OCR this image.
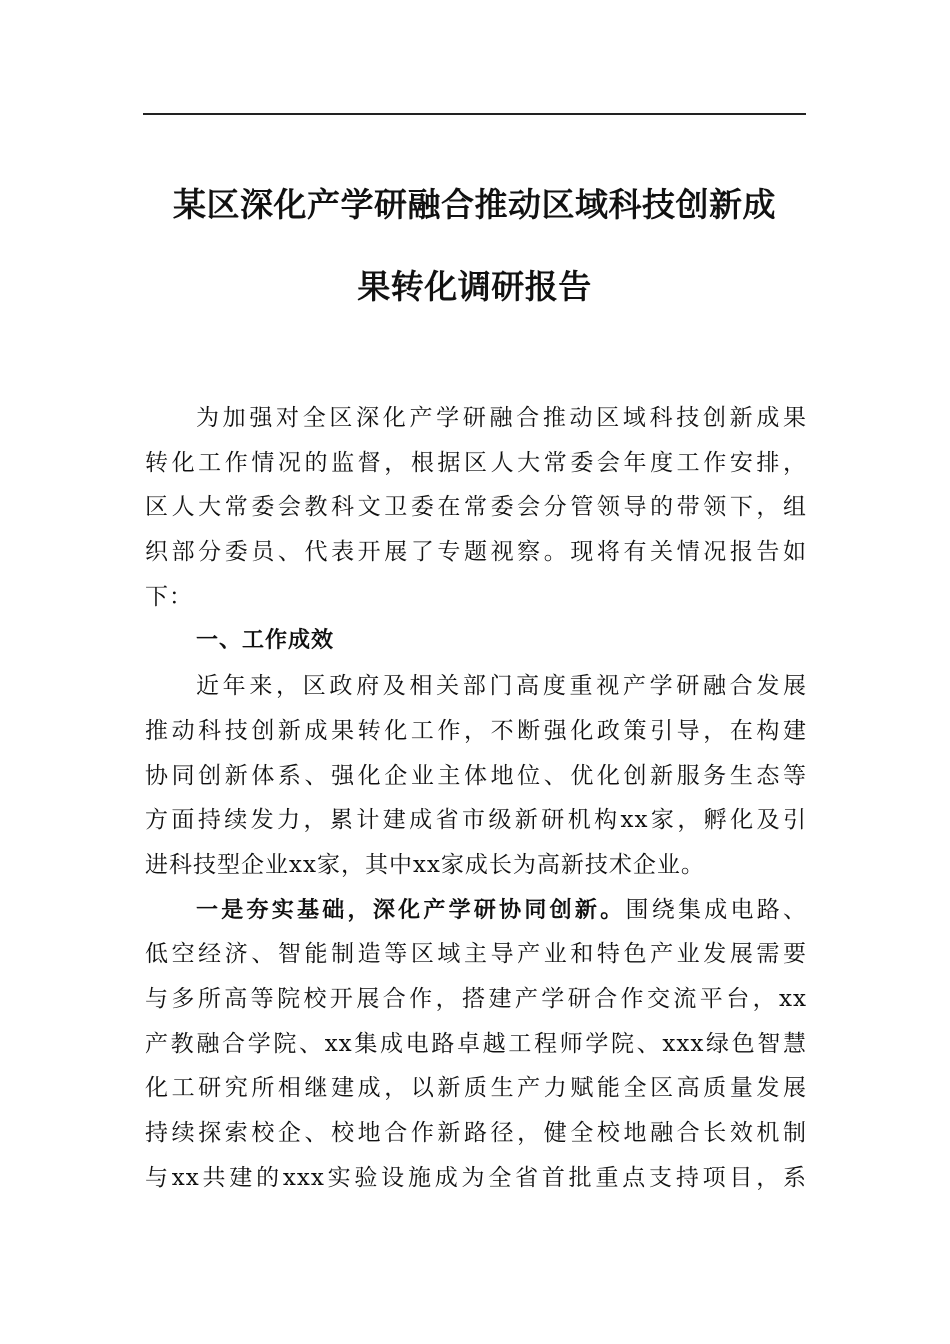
某区深化产学研融合推动区域科技创新成
果转化调研报告
为加强对全区深化产学研融合推动区域科技创新成果
转化工作情况的监督，根据区人大常委会年度工作安排，
区人大常委会教科文卫委在常委会分管领导的带领下，组
织部分委员、代表开展了专题视察。现将有关情况报告如
下：
一、工作成效
近年来，区政府及相关部门高度重视产学研融合发展
推动科技创新成果转化工作，不断强化政策引导，在构建
协同创新体系、强化企业主体地位、优化创新服务生态等
方面持续发力，累计建成省市级新研机构xx家，孵化及引
进科技型企业xx家，其中xx家成长为高新技术企业。
一是夯实基础，深化产学研协同创新。围绕集成电路、
低空经济、智能制造等区域主导产业和特色产业发展需要
与多所高等院校开展合作，搭建产学研合作交流平台，xx
产教融合学院、xx集成电路卓越工程师学院、xxx绿色智慧
化工研究所相继建成，以新质生产力赋能全区高质量发展
持续探索校企、校地合作新路径，健全校地融合长效机制
与xx共建的xxx实验设施成为全省首批重点支持项目，系
